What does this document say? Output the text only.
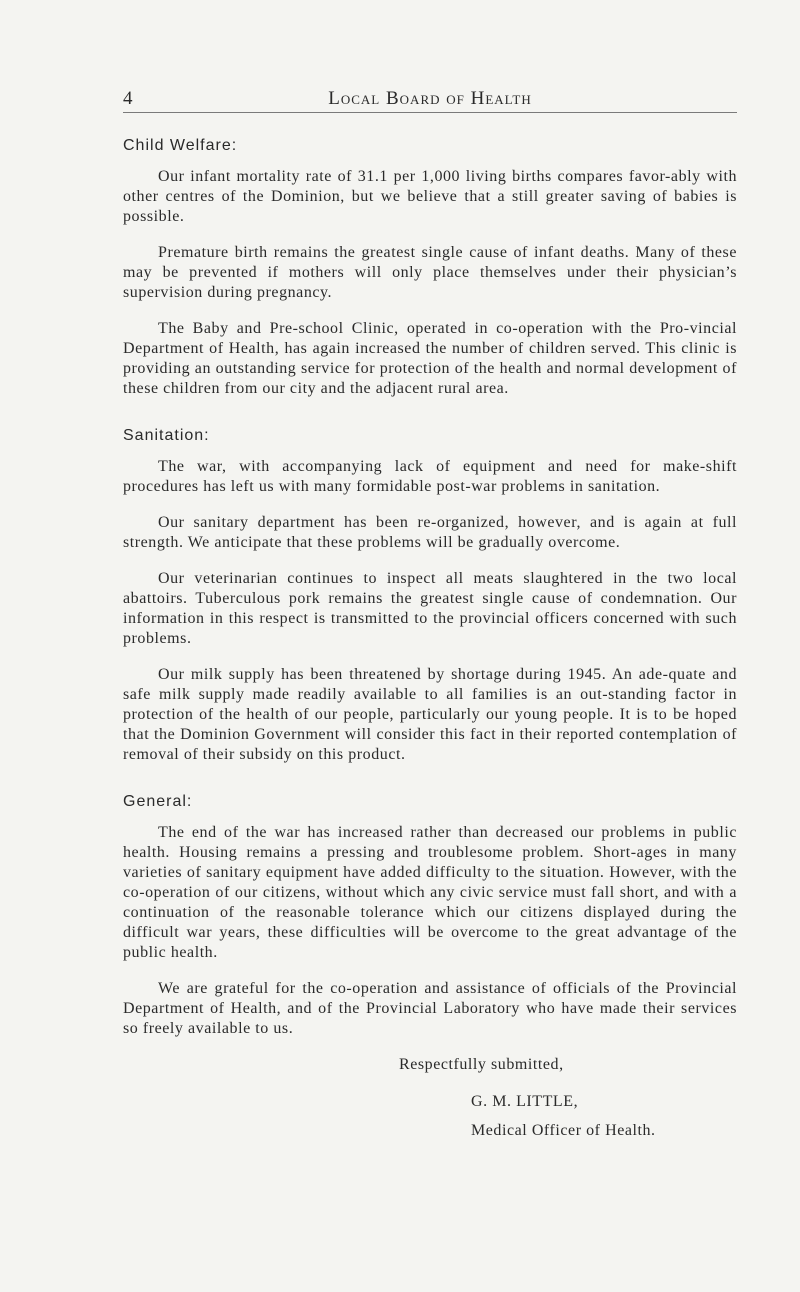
4	Local Board of Health
Child Welfare:

Our infant mortality rate of 31.1 per 1,000 living births compares favor-ably with other centres of the Dominion, but we believe that a still greater saving of babies is possible.

Premature birth remains the greatest single cause of infant deaths. Many of these may be prevented if mothers will only place themselves under their physician’s supervision during pregnancy.

The Baby and Pre-school Clinic, operated in co-operation with the Pro-vincial Department of Health, has again increased the number of children served. This clinic is providing an outstanding service for protection of the health and normal development of these children from our city and the adjacent rural area.

Sanitation:

The war, with accompanying lack of equipment and need for make-shift procedures has left us with many formidable post-war problems in sanitation.

Our sanitary department has been re-organized, however, and is again at full strength. We anticipate that these problems will be gradually overcome.

Our veterinarian continues to inspect all meats slaughtered in the two local abattoirs. Tuberculous pork remains the greatest single cause of condemnation. Our information in this respect is transmitted to the provincial officers concerned with such problems.

Our milk supply has been threatened by shortage during 1945. An ade-quate and safe milk supply made readily available to all families is an out-standing factor in protection of the health of our people, particularly our young people. It is to be hoped that the Dominion Government will consider this fact in their reported contemplation of removal of their subsidy on this product.

General:

The end of the war has increased rather than decreased our problems in public health. Housing remains a pressing and troublesome problem. Short-ages in many varieties of sanitary equipment have added difficulty to the situation. However, with the co-operation of our citizens, without which any civic service must fall short, and with a continuation of the reasonable tolerance which our citizens displayed during the difficult war years, these difficulties will be overcome to the great advantage of the public health.

We are grateful for the co-operation and assistance of officials of the Provincial Department of Health, and of the Provincial Laboratory who have made their services so freely available to us.

Respectfully submitted,
G. M. LITTLE,
Medical Officer of Health.
